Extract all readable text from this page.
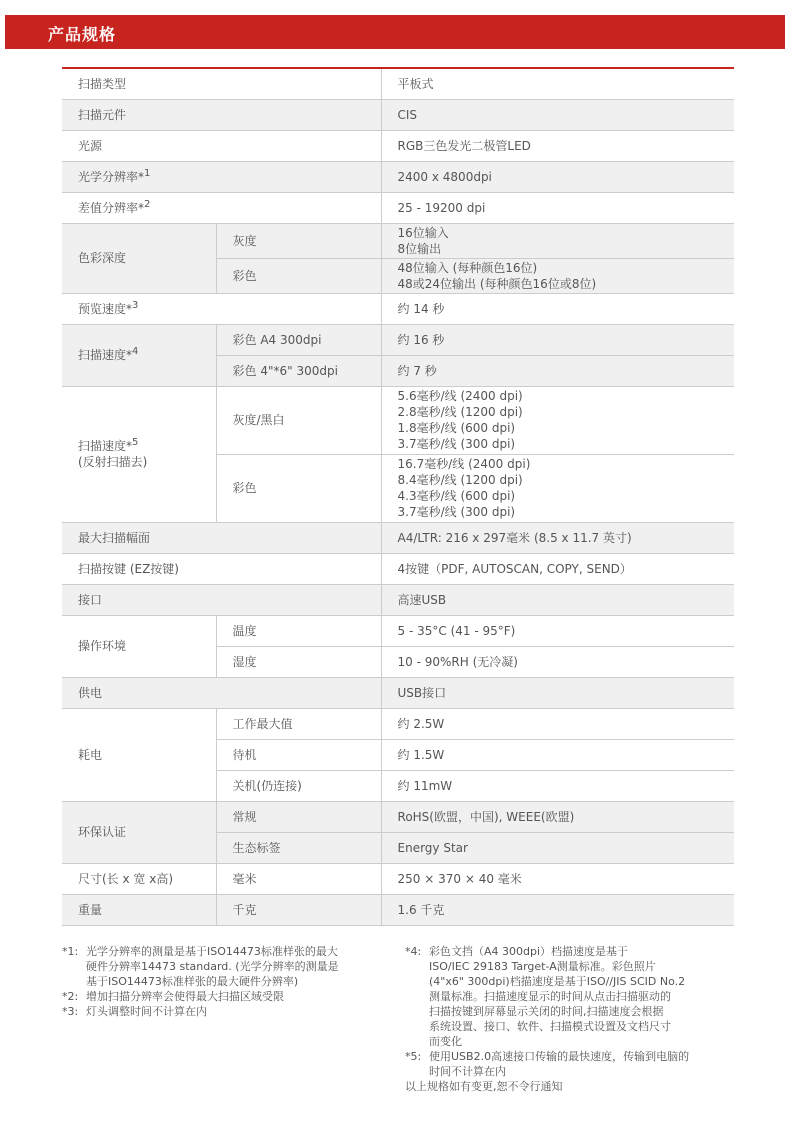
产品规格
扫描类型		平板式
扫描元件		CIS
光源		RGB三色发光二极管LED
光学分辨率*$^1$		2400 x 4800dpi
差值分辨率*$^2$		25 - 19200 dpi
色彩深度	灰度	16位输入
8位输出

	彩色	48位输入 (每种颜色16位)
48或24位输出 (每种颜色16位或8位)

预览速度*$^3$		约 14 秒
扫描速度*$^4$	彩色 A4 300dpi	约 16 秒
	彩色 4"*6" 300dpi	约 7 秒

扫描速度*$^5$
(反射扫描去)	灰度/黑白	5.6毫秒/线 (2400 dpi)
2.8毫秒/线 (1200 dpi)
1.8毫秒/线 (600 dpi)
3.7毫秒/线 (300 dpi)

	彩色	16.7毫秒/线 (2400 dpi)
8.4毫秒/线 (1200 dpi)
4.3毫秒/线 (600 dpi)
3.7毫秒/线 (300 dpi)

最大扫描幅面		A4/LTR: 216 x 297毫米 (8.5 x 11.7 英寸)
扫描按键 (EZ按键)		4按键（PDF, AUTOSCAN, COPY, SEND）
接口		高速USB
操作环境	温度	5 - 35°C (41 - 95°F)
	湿度	10 - 90%RH (无冷凝)
供电		USB接口
耗电	工作最大值	约 2.5W
	待机	约 1.5W
	关机(仍连接)	约 11mW
环保认证	常规	RoHS(欧盟，中国), WEEE(欧盟)
	生态标签	Energy Star
尺寸(长 x 宽 x高)	毫米	250 × 370 × 40 毫米
重量	千克	1.6 千克
*1: 光学分辨率的测量是基于ISO14473标准样张的最大
硬件分辨率14473 standard. (光学分辨率的测量是
基于ISO14473标准样张的最大硬件分辨率)
*2: 增加扫描分辨率会使得最大扫描区域受限
*3: 灯头调整时间不计算在内
*4: 彩色文挡（A4 300dpi）档描速度是基于
ISO/IEC 29183 Target-A测量标准。彩色照片
(4"x6" 300dpi)档描速度是基于ISO//JIS SCID No.2
测量标准。扫描速度显示的时间从点击扫描驱动的
扫描按键到屏幕显示关闭的时间,扫描速度会根据
系统设置、接口、软件、扫描模式设置及文档尺寸
而变化
*5: 使用USB2.0高速接口传输的最快速度，传输到电脑的
时间不计算在内
以上规格如有变更,恕不令行通知
